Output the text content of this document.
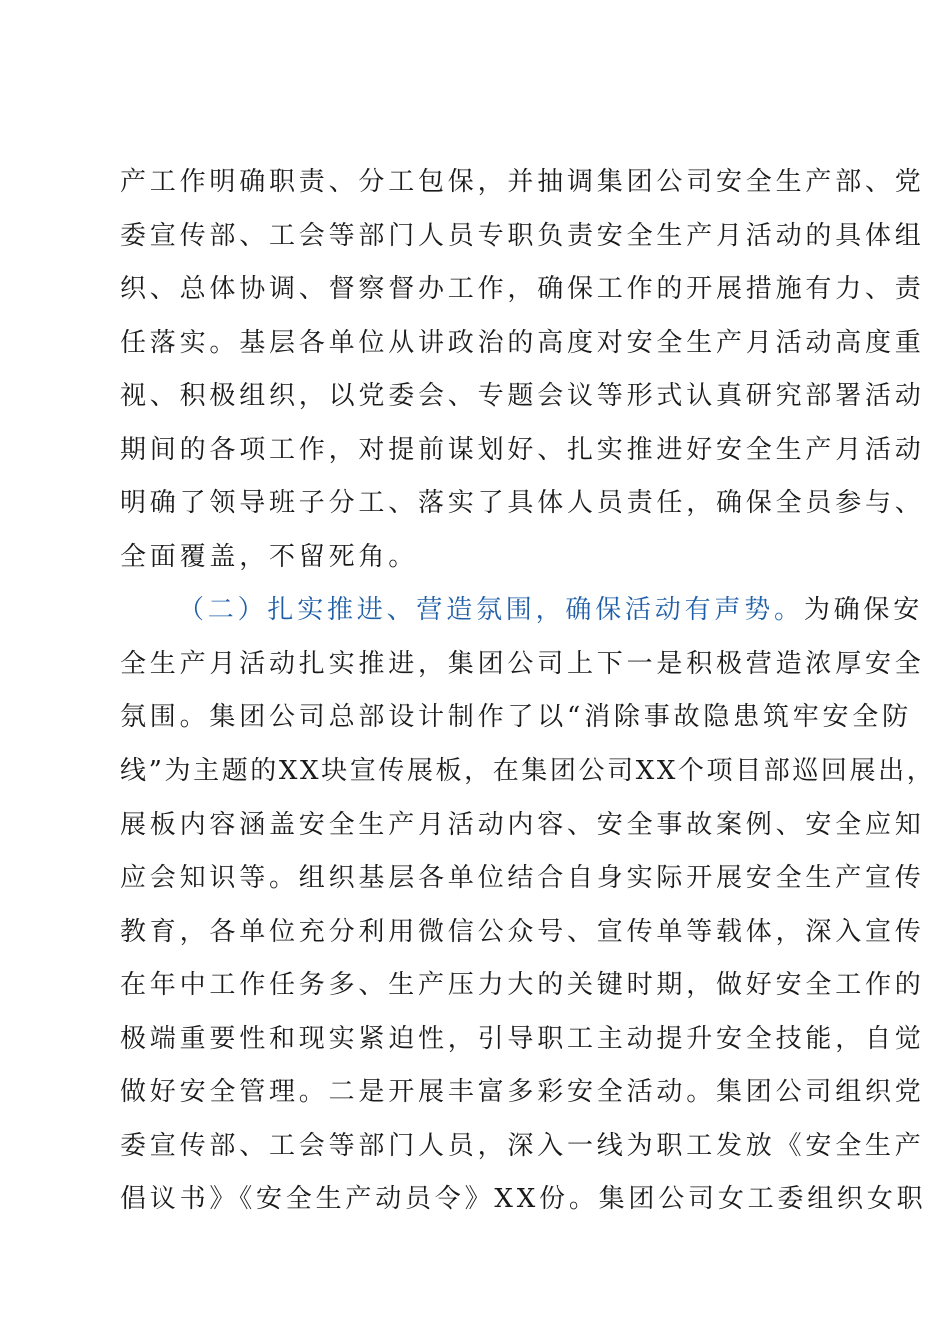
产工作明确职责、分工包保，并抽调集团公司安全生产部、党
委宣传部、工会等部门人员专职负责安全生产月活动的具体组
织、总体协调、督察督办工作，确保工作的开展措施有力、责
任落实。基层各单位从讲政治的高度对安全生产月活动高度重
视、积极组织，以党委会、专题会议等形式认真研究部署活动
期间的各项工作，对提前谋划好、扎实推进好安全生产月活动
明确了领导班子分工、落实了具体人员责任，确保全员参与、
全面覆盖，不留死角。
（二）扎实推进、营造氛围，确保活动有声势。为确保安
全生产月活动扎实推进，集团公司上下一是积极营造浓厚安全
氛围。集团公司总部设计制作了以“消除事故隐患筑牢安全防
线”为主题的XX块宣传展板，在集团公司XX个项目部巡回展出，
展板内容涵盖安全生产月活动内容、安全事故案例、安全应知
应会知识等。组织基层各单位结合自身实际开展安全生产宣传
教育，各单位充分利用微信公众号、宣传单等载体，深入宣传
在年中工作任务多、生产压力大的关键时期，做好安全工作的
极端重要性和现实紧迫性，引导职工主动提升安全技能，自觉
做好安全管理。二是开展丰富多彩安全活动。集团公司组织党
委宣传部、工会等部门人员，深入一线为职工发放《安全生产
倡议书》《安全生产动员令》XX份。集团公司女工委组织女职
